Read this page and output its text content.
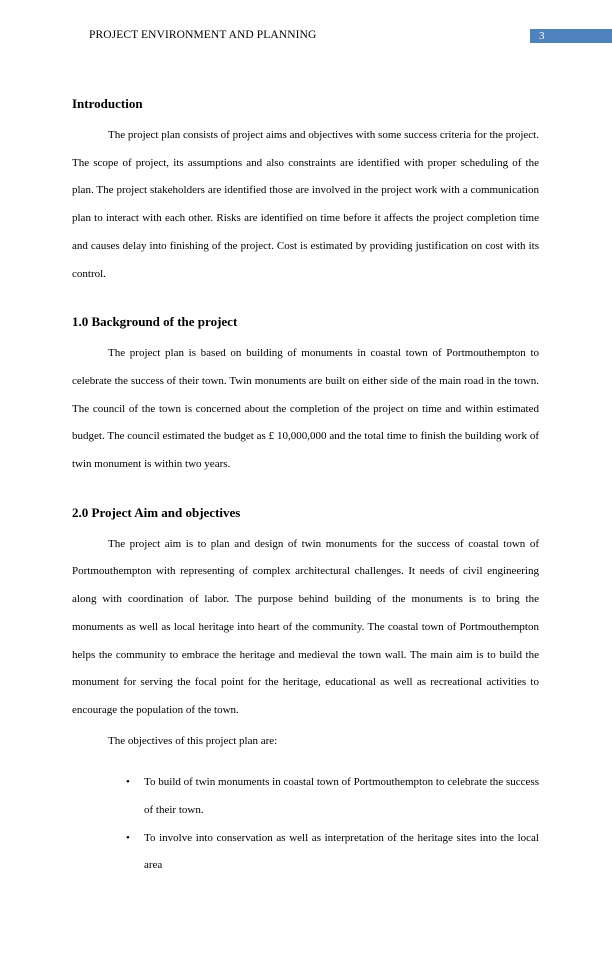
PROJECT ENVIRONMENT AND PLANNING	3
Introduction

The project plan consists of project aims and objectives with some success criteria for the project. The scope of project, its assumptions and also constraints are identified with proper scheduling of the plan. The project stakeholders are identified those are involved in the project work with a communication plan to interact with each other. Risks are identified on time before it affects the project completion time and causes delay into finishing of the project. Cost is estimated by providing justification on cost with its control.

1.0 Background of the project

The project plan is based on building of monuments in coastal town of Portmouthempton to celebrate the success of their town. Twin monuments are built on either side of the main road in the town. The council of the town is concerned about the completion of the project on time and within estimated budget. The council estimated the budget as £ 10,000,000 and the total time to finish the building work of twin monument is within two years.

2.0 Project Aim and objectives

The project aim is to plan and design of twin monuments for the success of coastal town of Portmouthempton with representing of complex architectural challenges. It needs of civil engineering along with coordination of labor. The purpose behind building of the monuments is to bring the monuments as well as local heritage into heart of the community. The coastal town of Portmouthempton helps the community to embrace the heritage and medieval the town wall. The main aim is to build the monument for serving the focal point for the heritage, educational as well as recreational activities to encourage the population of the town.

The objectives of this project plan are:

• To build of twin monuments in coastal town of Portmouthempton to celebrate the success of their town.
• To involve into conservation as well as interpretation of the heritage sites into the local area
